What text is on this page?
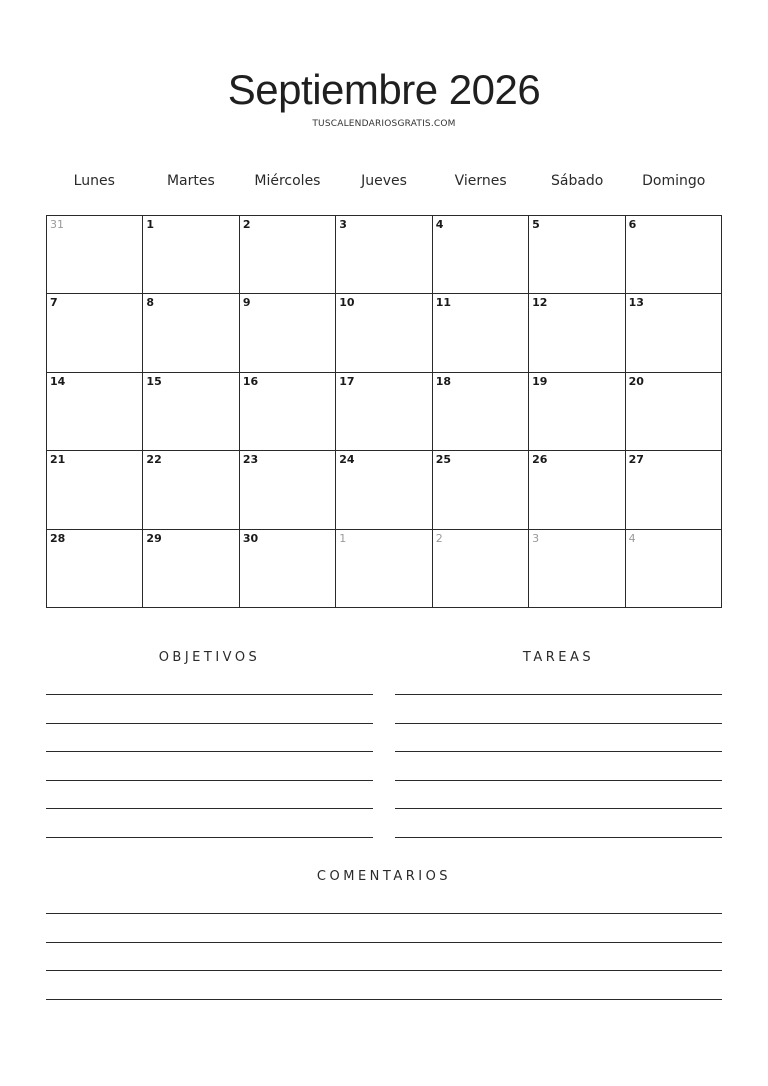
Septiembre 2026
TUSCALENDARIOSGRATIS.COM
Lunes	Martes	Miércoles	Jueves	Viernes	Sábado	Domingo
31	1	2	3	4	5	6
7	8	9	10	11	12	13
14	15	16	17	18	19	20
21	22	23	24	25	26	27
28	29	30	1	2	3	4
OBJETIVOS	TAREAS
COMENTARIOS
